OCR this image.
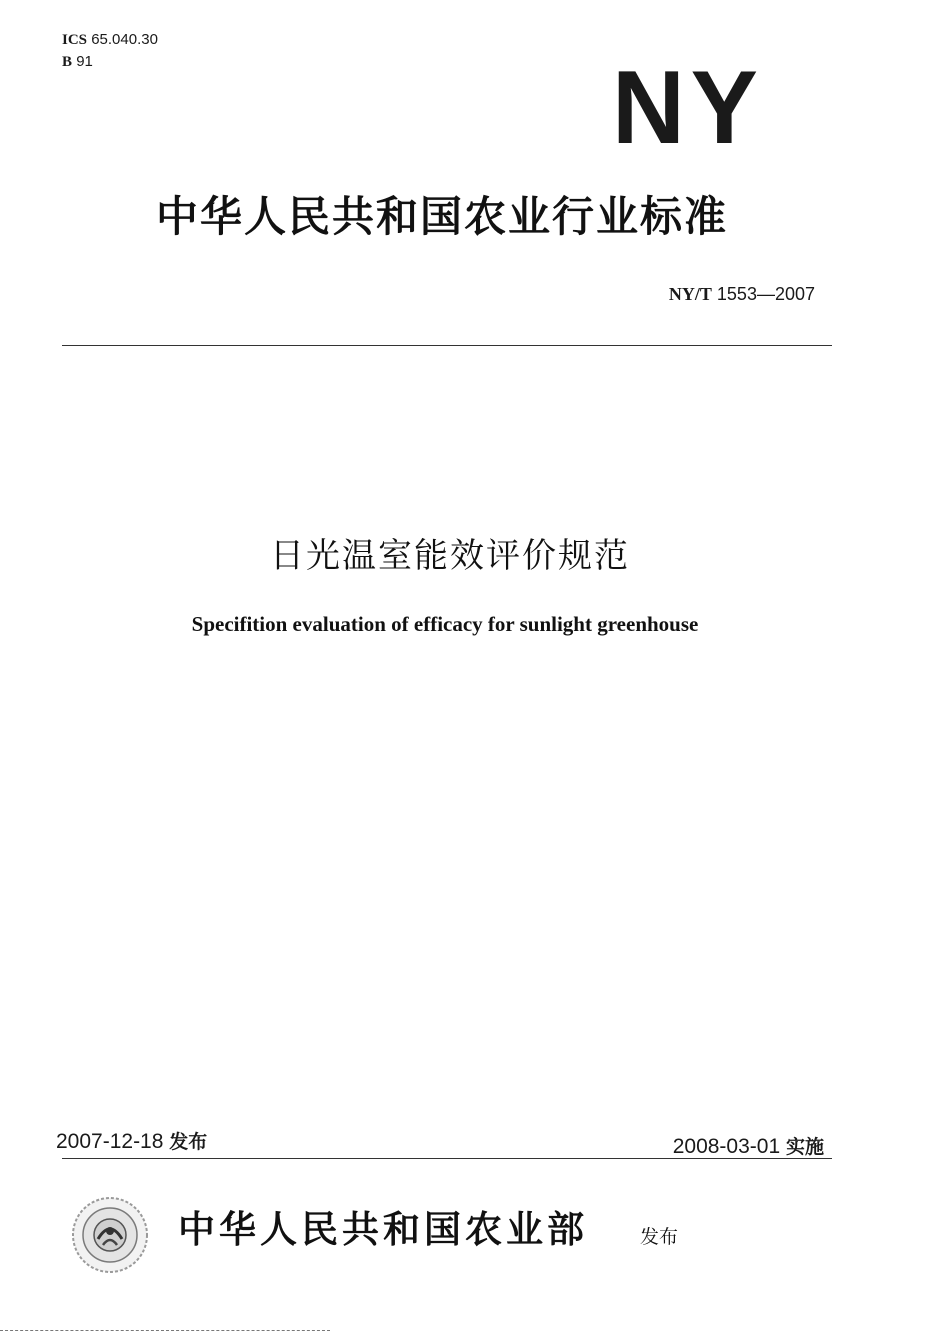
ICS 65.040.30
B 91	NY
中华人民共和国农业行业标准
NY/T 1553—2007
日光温室能效评价规范
Specifition evaluation of efficacy for sunlight greenhouse
2007-12-18 发布	2008-03-01 实施
中华人民共和国农业部	发布
